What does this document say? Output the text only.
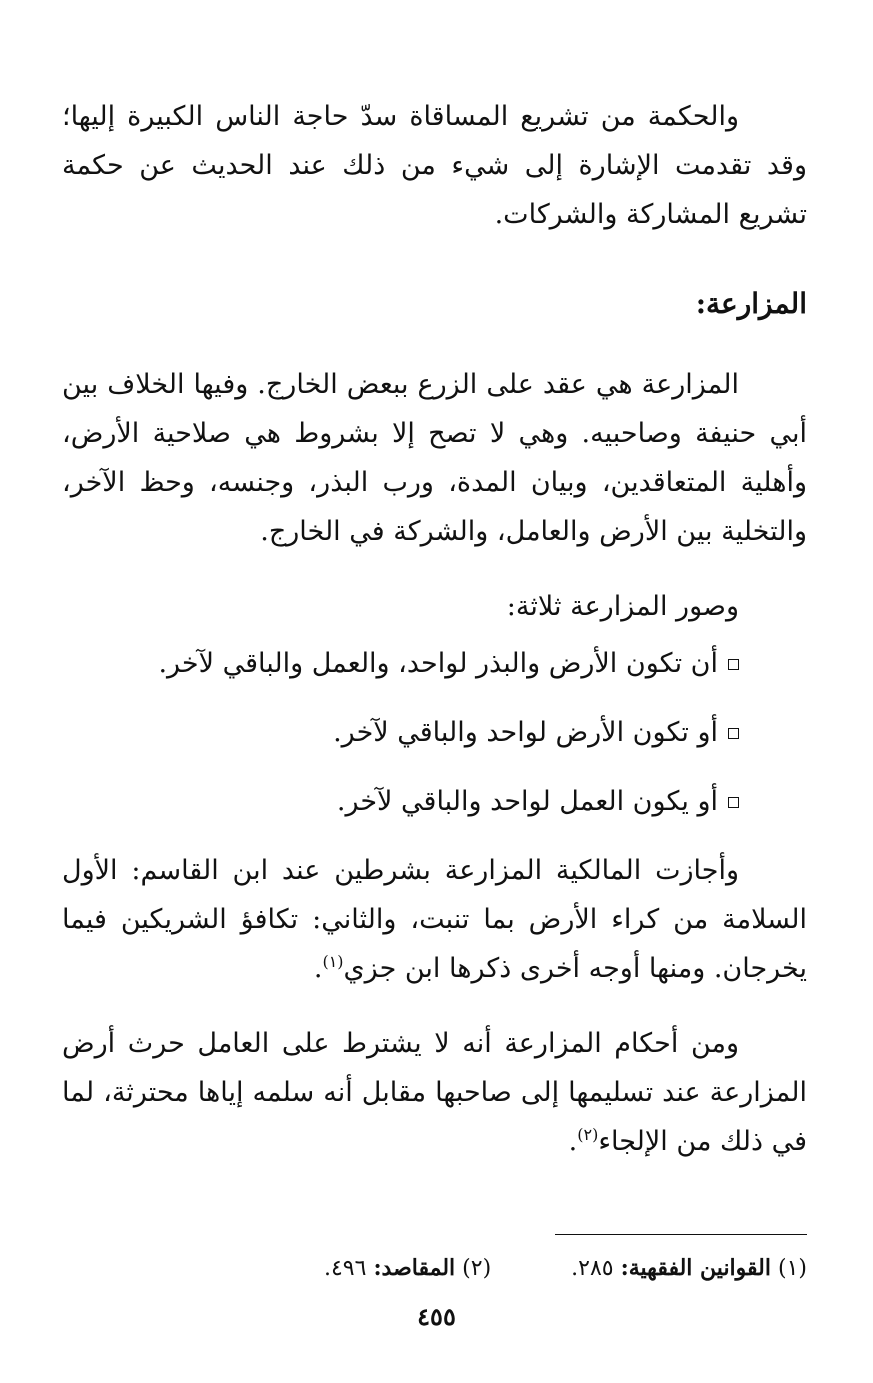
والحكمة من تشريع المساقاة سدّ حاجة الناس الكبيرة إليها؛ وقد تقدمت الإشارة إلى شيء من ذلك عند الحديث عن حكمة تشريع المشاركة والشركات.

المزارعة:

المزارعة هي عقد على الزرع ببعض الخارج. وفيها الخلاف بين أبي حنيفة وصاحبيه. وهي لا تصح إلا بشروط هي صلاحية الأرض، وأهلية المتعاقدين، وبيان المدة، ورب البذر، وجنسه، وحظ الآخر، والتخلية بين الأرض والعامل، والشركة في الخارج.

وصور المزارعة ثلاثة:

أن تكون الأرض والبذر لواحد، والعمل والباقي لآخر.
أو تكون الأرض لواحد والباقي لآخر.
أو يكون العمل لواحد والباقي لآخر.

وأجازت المالكية المزارعة بشرطين عند ابن القاسم: الأول السلامة من كراء الأرض بما تنبت، والثاني: تكافؤ الشريكين فيما يخرجان. ومنها أوجه أخرى ذكرها ابن جزي$^{(١)}$.

ومن أحكام المزارعة أنه لا يشترط على العامل حرث أرض المزارعة عند تسليمها إلى صاحبها مقابل أنه سلمه إياها محترثة، لما في ذلك من الإلجاء$^{(٢)}$.

(١) القوانين الفقهية: ٢٨٥.
(٢) المقاصد: ٤٩٦.
٤٥٥
